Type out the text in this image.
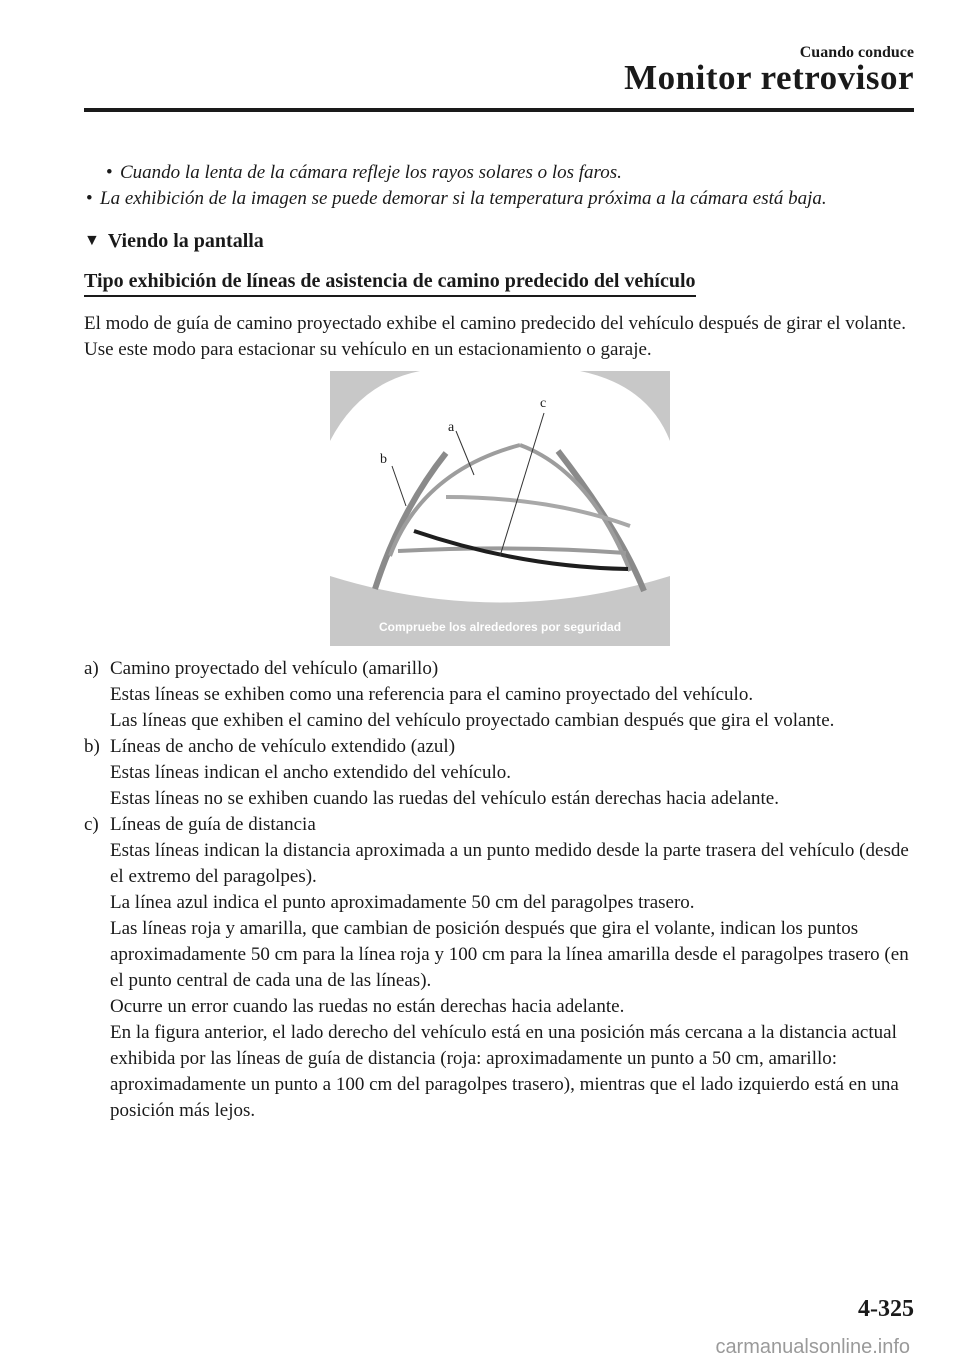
Cuando conduce
Monitor retrovisor
• Cuando la lenta de la cámara refleje los rayos solares o los faros.
• La exhibición de la imagen se puede demorar si la temperatura próxima a la cámara está baja.
▼ Viendo la pantalla
Tipo exhibición de líneas de asistencia de camino predecido del vehículo

El modo de guía de camino proyectado exhibe el camino predecido del vehículo después de girar el volante.

Use este modo para estacionar su vehículo en un estacionamiento o garaje.

a
b
c
Compruebe los alrededores por seguridad
a) Camino proyectado del vehículo (amarillo)

Estas líneas se exhiben como una referencia para el camino proyectado del vehículo.

Las líneas que exhiben el camino del vehículo proyectado cambian después que gira el volante.

b) Líneas de ancho de vehículo extendido (azul)

Estas líneas indican el ancho extendido del vehículo.

Estas líneas no se exhiben cuando las ruedas del vehículo están derechas hacia adelante.

c) Líneas de guía de distancia

Estas líneas indican la distancia aproximada a un punto medido desde la parte trasera del vehículo (desde el extremo del paragolpes).

La línea azul indica el punto aproximadamente 50 cm del paragolpes trasero.

Las líneas roja y amarilla, que cambian de posición después que gira el volante, indican los puntos aproximadamente 50 cm para la línea roja y 100 cm para la línea amarilla desde el paragolpes trasero (en el punto central de cada una de las líneas).

Ocurre un error cuando las ruedas no están derechas hacia adelante.

En la figura anterior, el lado derecho del vehículo está en una posición más cercana a la distancia actual exhibida por las líneas de guía de distancia (roja: aproximadamente un punto a 50 cm, amarillo: aproximadamente un punto a 100 cm del paragolpes trasero), mientras que el lado izquierdo está en una posición más lejos.

4-325
carmanualsonline.info
